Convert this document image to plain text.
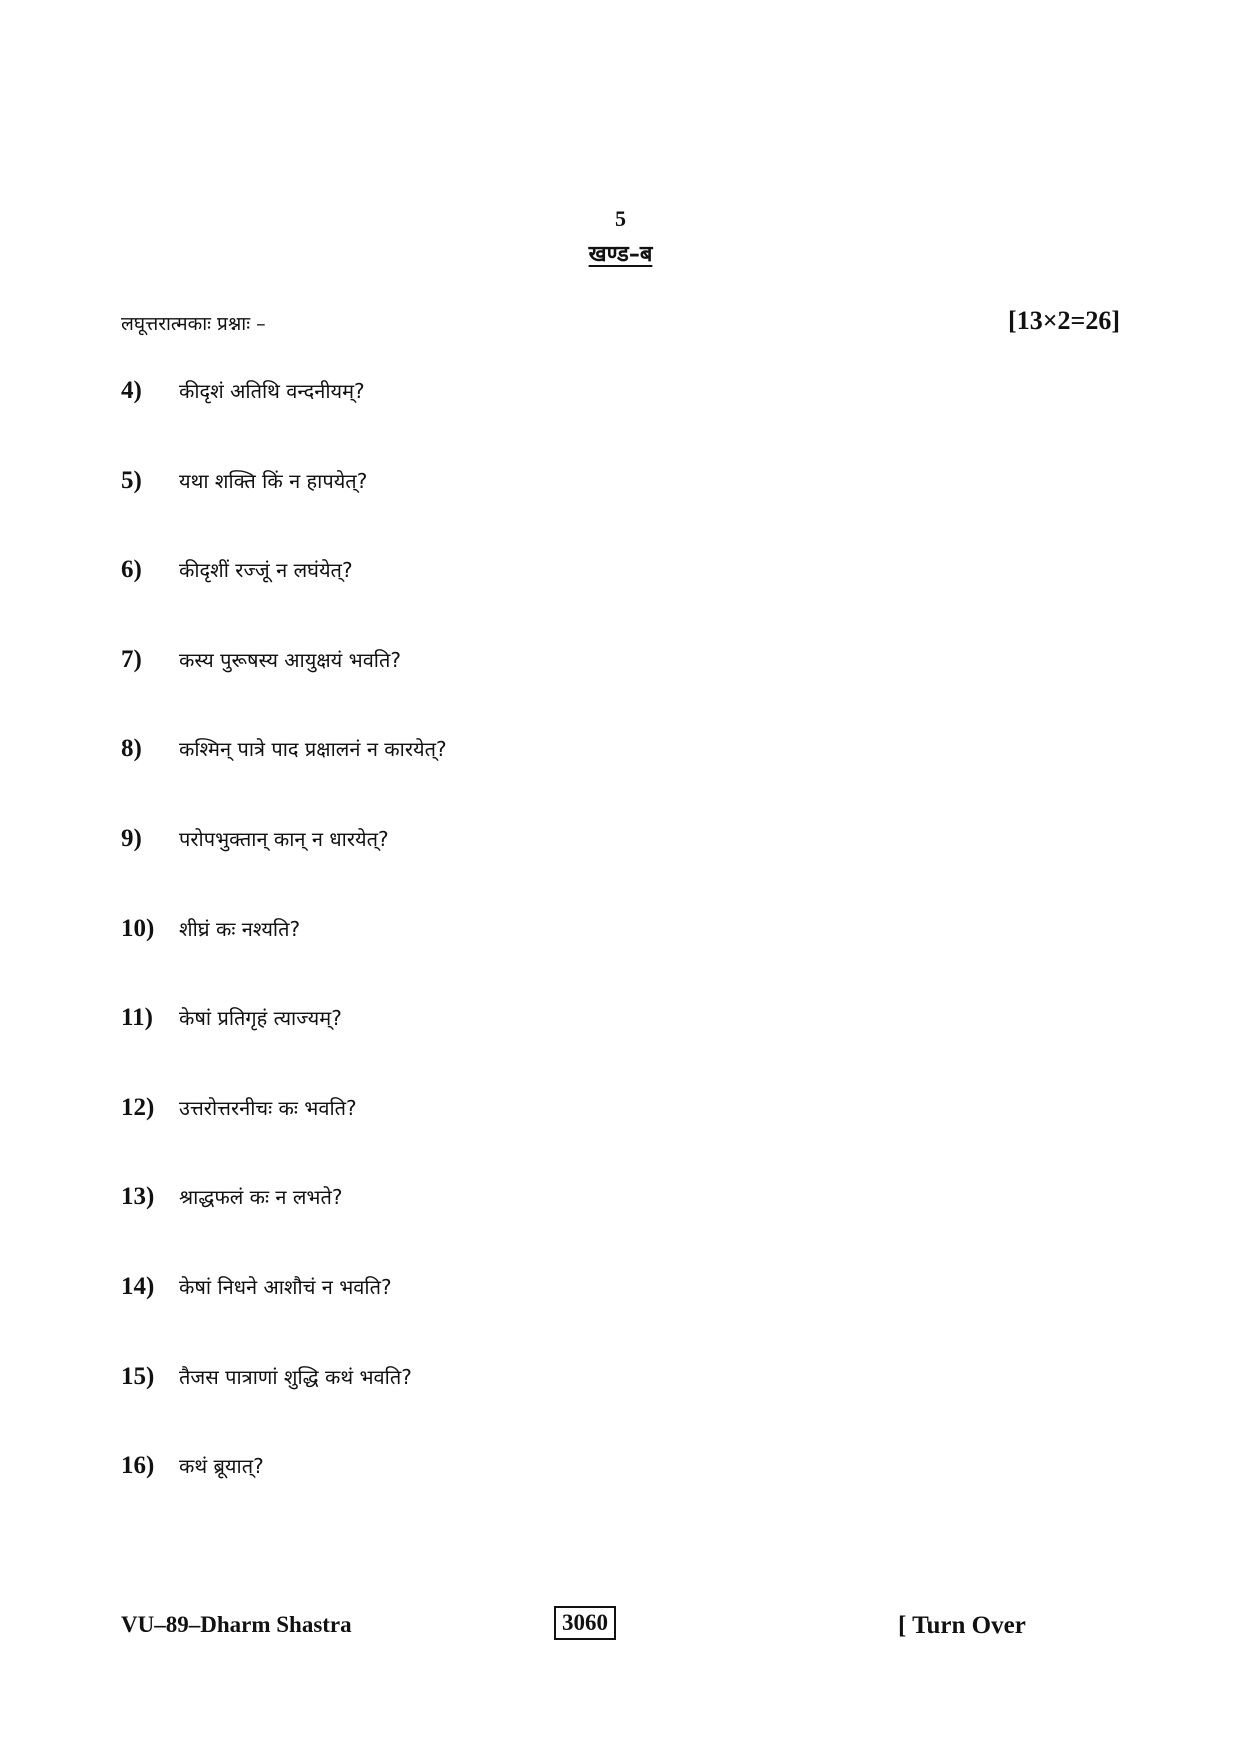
5
खण्ड–ब
लघूत्तरात्मकाः प्रश्नाः –	[13×2=26]
4)	कीदृशं अतिथि वन्दनीयम्?
5)	यथा शक्ति किं न हापयेत्?
6)	कीदृशीं रज्जूं न लघंयेत्?
7)	कस्य पुरूषस्य आयुक्षयं भवति?
8)	कश्मिन् पात्रे पाद प्रक्षालनं न कारयेत्?
9)	परोपभुक्तान् कान् न धारयेत्?
10)	शीघ्रं कः नश्यति?
11)	केषां प्रतिगृहं त्याज्यम्?
12)	उत्तरोत्तरनीचः कः भवति?
13)	श्राद्धफलं कः न लभते?
14)	केषां निधने आशौचं न भवति?
15)	तैजस पात्राणां शुद्धि कथं भवति?
16)	कथं ब्रूयात्?
VU–89–Dharm Shastra	3060	[ Turn Over
